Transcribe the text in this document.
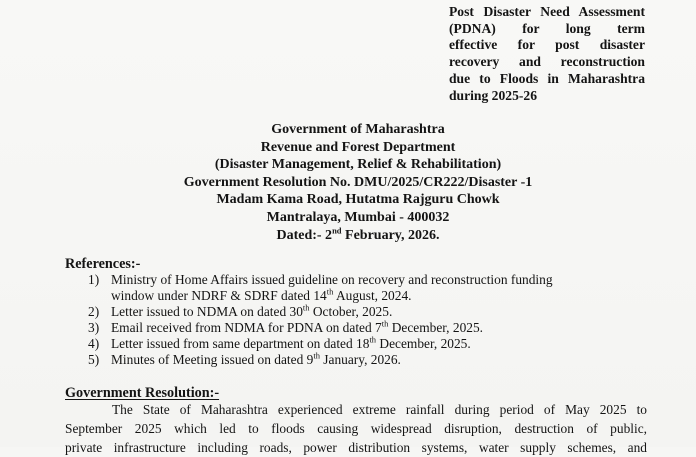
Post Disaster Need Assessment
(PDNA) for long term
effective for post disaster
recovery and reconstruction
due to Floods in Maharashtra
during 2025-26
Government of Maharashtra
Revenue and Forest Department
(Disaster Management, Relief & Rehabilitation)
Government Resolution No. DMU/2025/CR222/Disaster -1
Madam Kama Road, Hutatma Rajguru Chowk
Mantralaya, Mumbai - 400032
Dated:- 2nd February, 2026.
References:-
1) Ministry of Home Affairs issued guideline on recovery and reconstruction funding
window under NDRF & SDRF dated 14th August, 2024.
2) Letter issued to NDMA on dated 30th October, 2025.
3) Email received from NDMA for PDNA on dated 7th December, 2025.
4) Letter issued from same department on dated 18th December, 2025.
5) Minutes of Meeting issued on dated 9th January, 2026.
Government Resolution:-
The State of Maharashtra experienced extreme rainfall during period of May 2025 to
September 2025 which led to floods causing widespread disruption, destruction of public,
private infrastructure including roads, power distribution systems, water supply schemes, and
